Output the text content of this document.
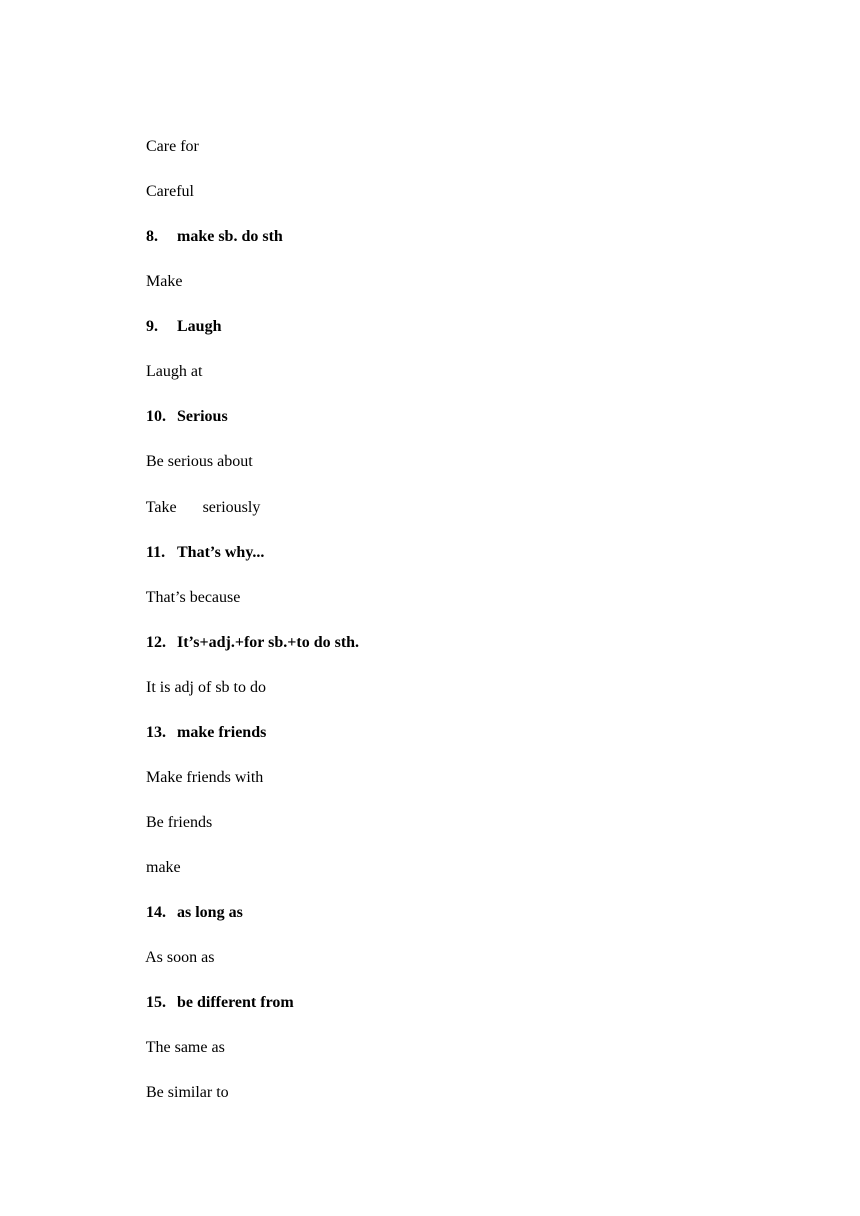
Care for

Careful

8. make sb. do sth

Make

9. Laugh

Laugh at

10. Serious

Be serious about

Take seriously

11. That’s why...

That’s because

12. It’s+adj.+for sb.+to do sth.

It is adj of sb to do

13. make friends

Make friends with

Be friends

make

14. as long as

As soon as

15. be different from

The same as

Be similar to
